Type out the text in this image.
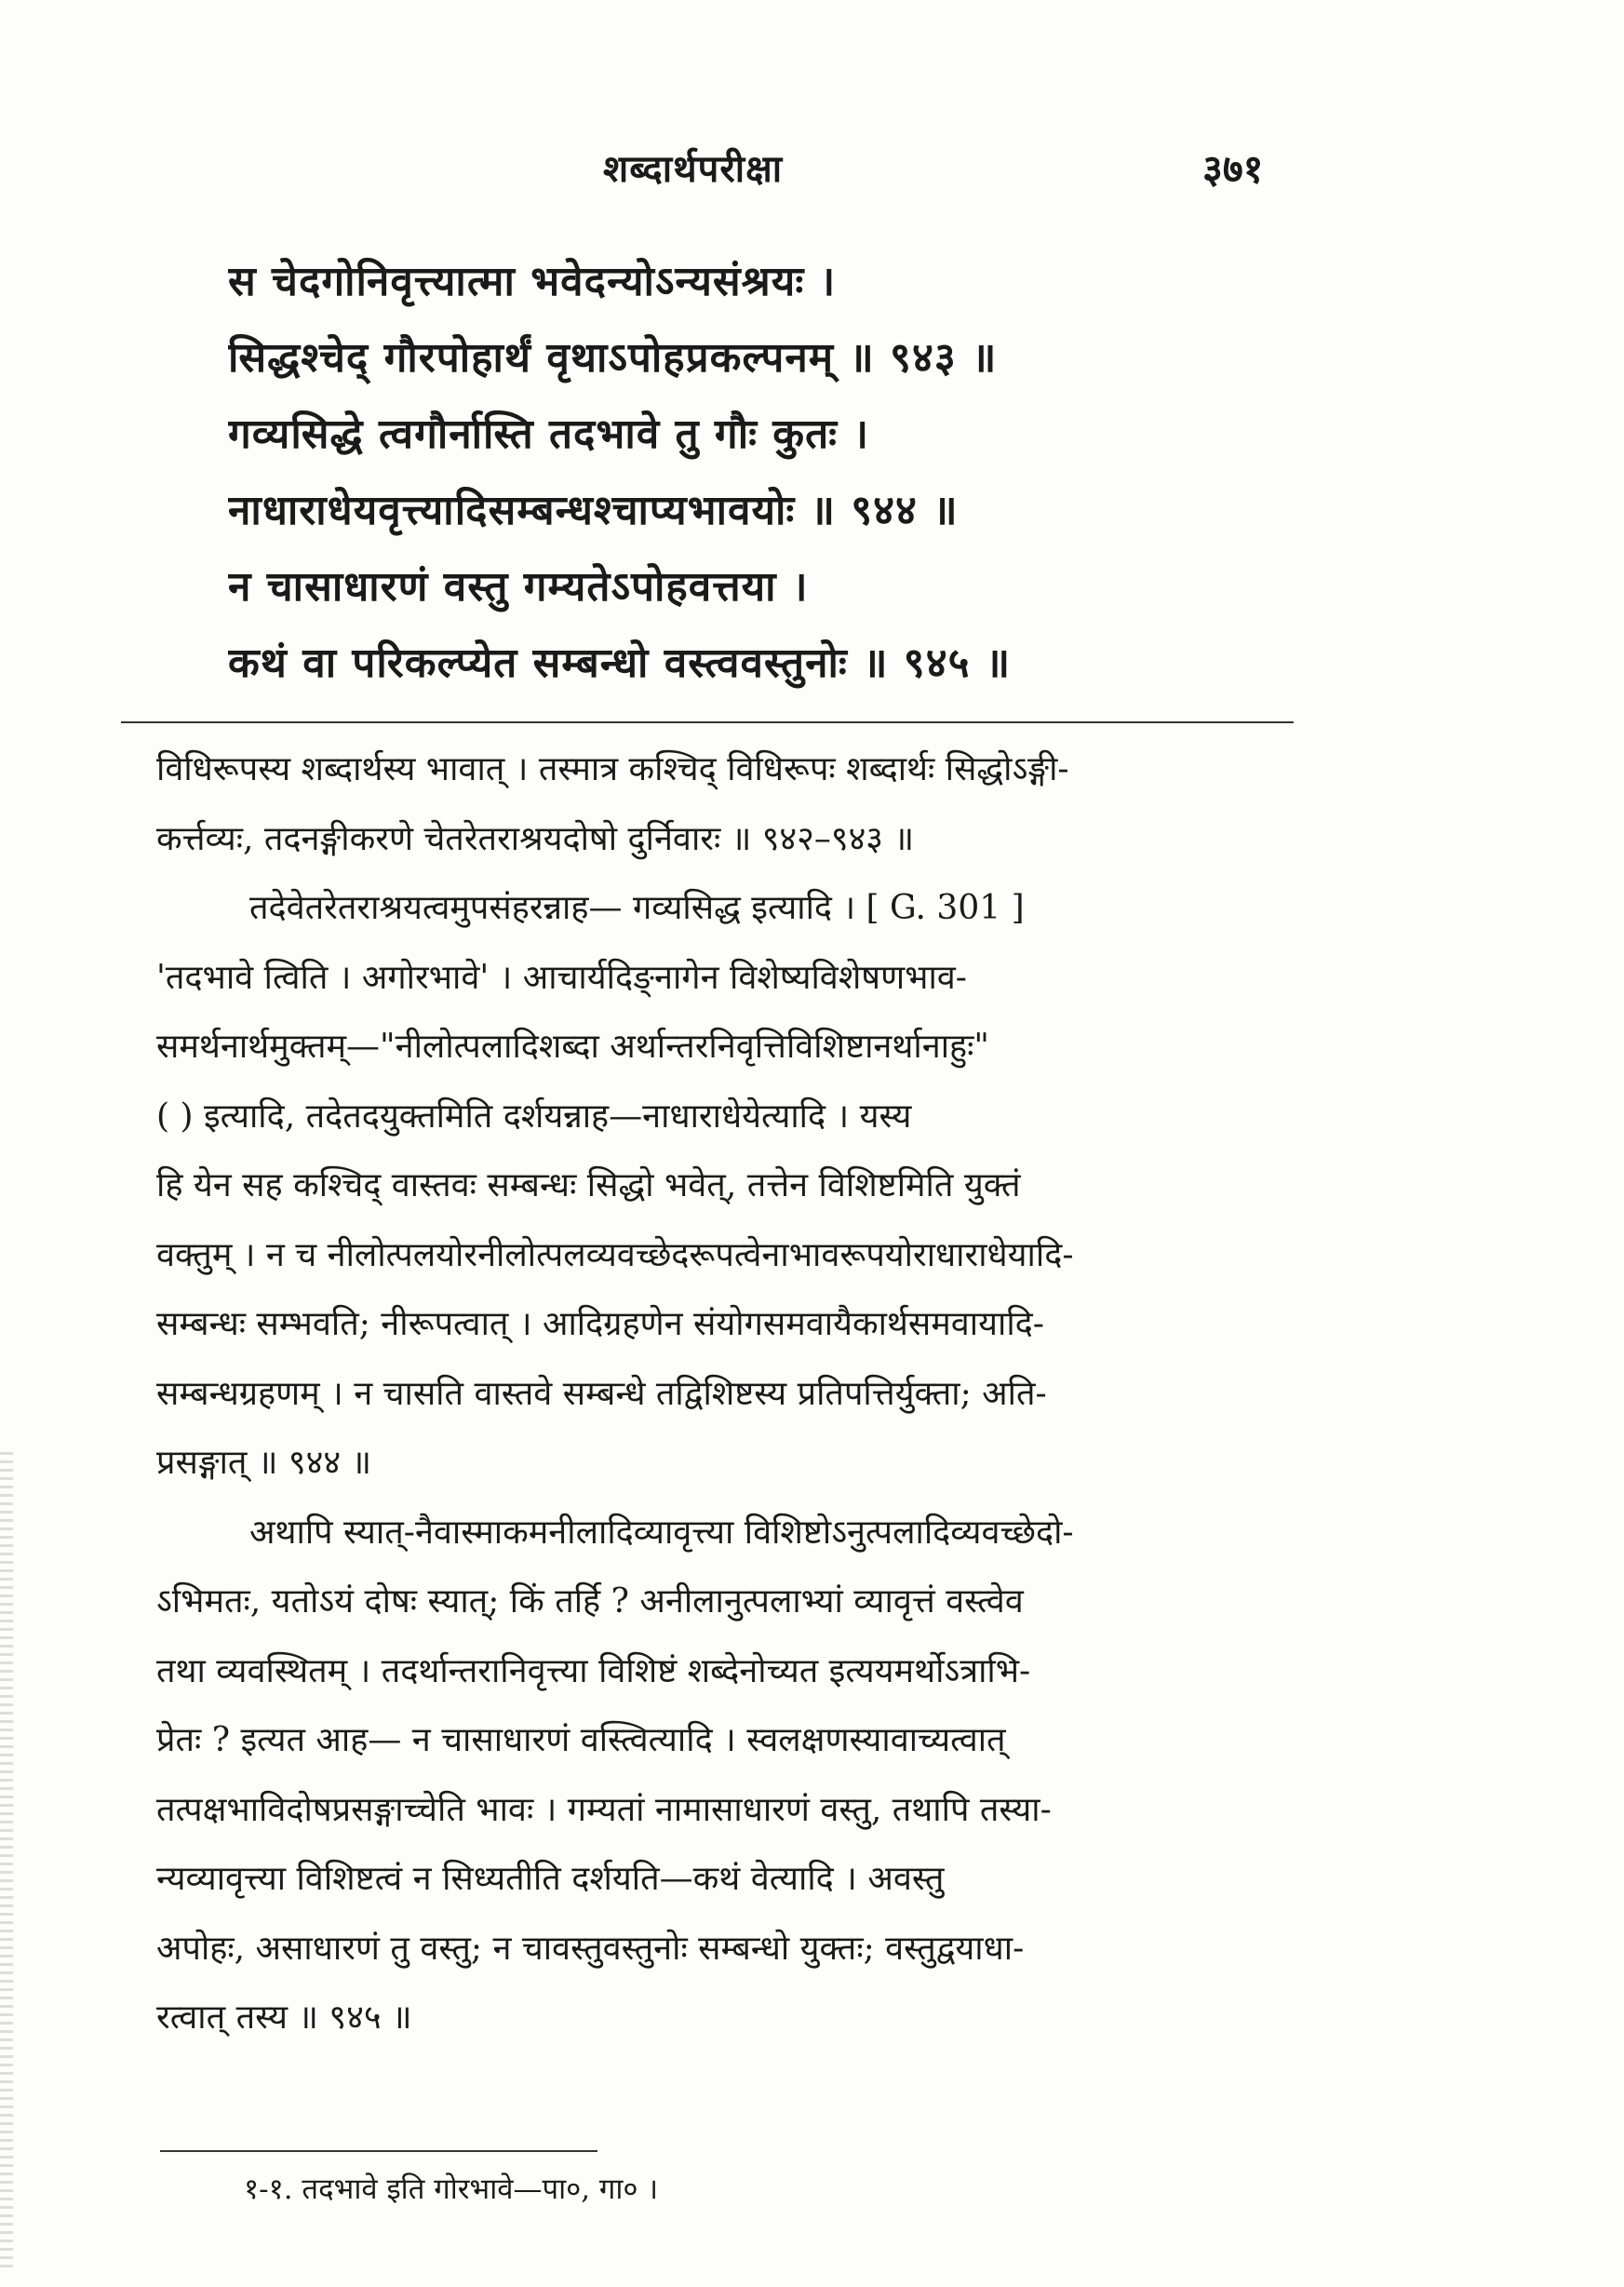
शब्दार्थपरीक्षा	३७१
स चेदगोनिवृत्त्यात्मा भवेदन्योऽन्यसंश्रयः ।
सिद्धश्चेद् गौरपोहार्थं वृथाऽपोहप्रकल्पनम् ॥ ९४३ ॥
गव्यसिद्धे त्वगौर्नास्ति तदभावे तु गौः कुतः ।
नाधाराधेयवृत्त्यादिसम्बन्धश्चाप्यभावयोः ॥ ९४४ ॥
न चासाधारणं वस्तु गम्यतेऽपोहवत्तया ।
कथं वा परिकल्प्येत सम्बन्धो वस्त्ववस्तुनोः ॥ ९४५ ॥
विधिरूपस्य शब्दार्थस्य भावात् । तस्मात्र कश्चिद् विधिरूपः शब्दार्थः सिद्धोऽङ्गी-
कर्त्तव्यः, तदनङ्गीकरणे चेतरेतराश्रयदोषो दुर्निवारः ॥ ९४२–९४३ ॥
तदेवेतरेतराश्रयत्वमुपसंहरन्नाह— गव्यसिद्ध इत्यादि । [ G. 301 ]
'तदभावे त्विति । अगोरभावे' । आचार्यदिङ्नागेन विशेष्यविशेषणभाव-
समर्थनार्थमुक्तम्—"नीलोत्पलादिशब्दा अर्थान्तरनिवृत्तिविशिष्टानर्थानाहुः"
( ) इत्यादि, तदेतदयुक्तमिति दर्शयन्नाह—नाधाराधेयेत्यादि । यस्य
हि येन सह कश्चिद् वास्तवः सम्बन्धः सिद्धो भवेत्, तत्तेन विशिष्टमिति युक्तं
वक्तुम् । न च नीलोत्पलयोरनीलोत्पलव्यवच्छेदरूपत्वेनाभावरूपयोराधाराधेयादि-
सम्बन्धः सम्भवति; नीरूपत्वात् । आदिग्रहणेन संयोगसमवायैकार्थसमवायादि-
सम्बन्धग्रहणम् । न चासति वास्तवे सम्बन्धे तद्विशिष्टस्य प्रतिपत्तिर्युक्ता; अति-
प्रसङ्गात् ॥ ९४४ ॥
अथापि स्यात्-नैवास्माकमनीलादिव्यावृत्त्या विशिष्टोऽनुत्पलादिव्यवच्छेदो-
ऽभिमतः, यतोऽयं दोषः स्यात्; किं तर्हि ? अनीलानुत्पलाभ्यां व्यावृत्तं वस्त्वेव
तथा व्यवस्थितम् । तदर्थान्तरानिवृत्त्या विशिष्टं शब्देनोच्यत इत्ययमर्थोऽत्राभि-
प्रेतः ? इत्यत आह— न चासाधारणं वस्त्वित्यादि । स्वलक्षणस्यावाच्यत्वात्
तत्पक्षभाविदोषप्रसङ्गाच्चेति भावः । गम्यतां नामासाधारणं वस्तु, तथापि तस्या-
न्यव्यावृत्त्या विशिष्टत्वं न सिध्यतीति दर्शयति—कथं वेत्यादि । अवस्तु
अपोहः, असाधारणं तु वस्तु; न चावस्तुवस्तुनोः सम्बन्धो युक्तः; वस्तुद्वयाधा-
रत्वात् तस्य ॥ ९४५ ॥
१-१. तदभावे इति गोरभावे—पा०, गा० ।
